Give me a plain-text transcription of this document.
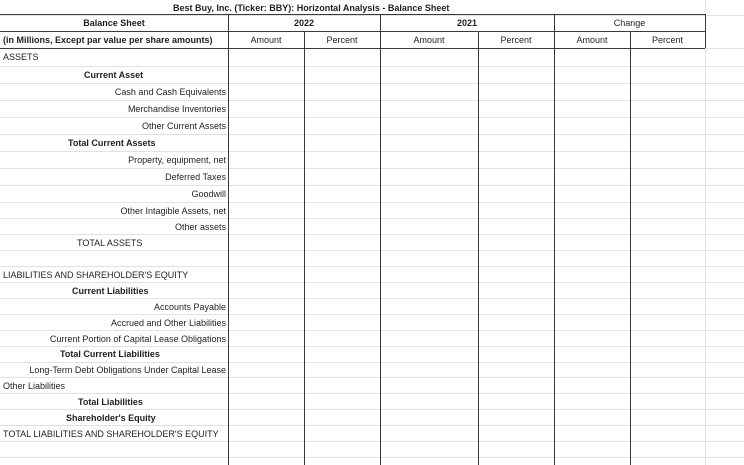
Best Buy, Inc. (Ticker: BBY): Horizontal Analysis - Balance Sheet
Balance Sheet	2022	2021	Change
(in Millions, Except par value per share amounts)	Amount	Percent	Amount	Percent	Amount	Percent
ASSETS
Current Asset
Cash and Cash Equivalents
Merchandise Inventories
Other Current Assets
Total Current Assets
Property, equipment, net
Deferred Taxes
Goodwill
Other Intagible Assets, net
Other assets
TOTAL ASSETS
LIABILITIES AND SHAREHOLDER'S EQUITY
Current Liabilities
Accounts Payable
Accrued and Other Liabilities
Current Portion of Capital Lease Obligations
Total Current Liabilities
Long-Term Debt Obligations Under Capital Lease
Other Liabilities
Total Liabilities
Shareholder's Equity
TOTAL LIABILITIES AND SHAREHOLDER'S EQUITY
